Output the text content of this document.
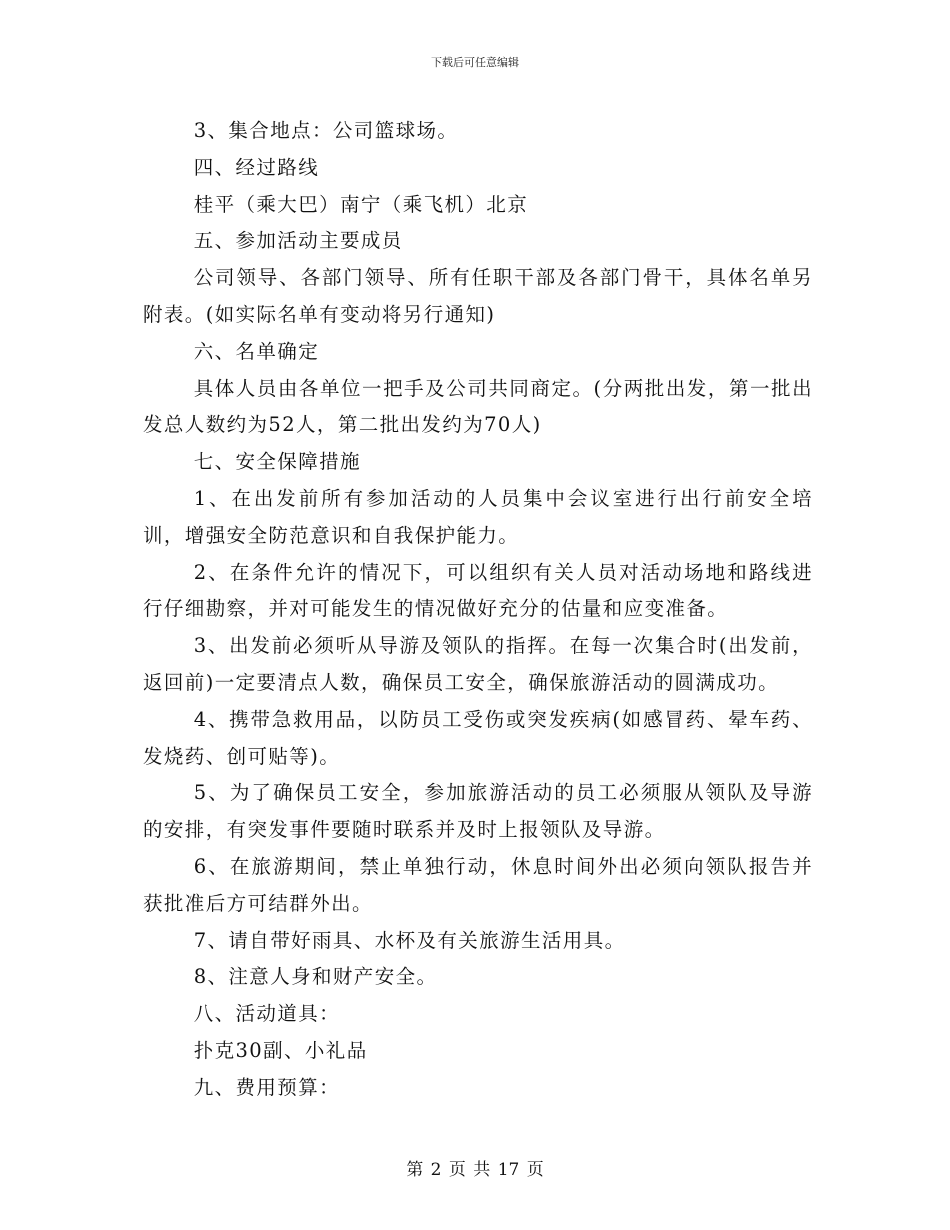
下载后可任意编辑

3、集合地点：公司篮球场。

四、经过路线

桂平（乘大巴）南宁（乘飞机）北京

五、参加活动主要成员

公司领导、各部门领导、所有任职干部及各部门骨干，具体名单另附表。(如实际名单有变动将另行通知)

六、名单确定

具体人员由各单位一把手及公司共同商定。(分两批出发，第一批出发总人数约为52人，第二批出发约为70人)

七、安全保障措施

1、在出发前所有参加活动的人员集中会议室进行出行前安全培训，增强安全防范意识和自我保护能力。

2、在条件允许的情况下，可以组织有关人员对活动场地和路线进行仔细勘察，并对可能发生的情况做好充分的估量和应变准备。

3、出发前必须听从导游及领队的指挥。在每一次集合时(出发前，返回前)一定要清点人数，确保员工安全，确保旅游活动的圆满成功。

4、携带急救用品，以防员工受伤或突发疾病(如感冒药、晕车药、发烧药、创可贴等)。

5、为了确保员工安全，参加旅游活动的员工必须服从领队及导游的安排，有突发事件要随时联系并及时上报领队及导游。

6、在旅游期间，禁止单独行动，休息时间外出必须向领队报告并获批准后方可结群外出。

7、请自带好雨具、水杯及有关旅游生活用具。

8、注意人身和财产安全。

八、活动道具：

扑克30副、小礼品

九、费用预算：

第 2 页 共 17 页
